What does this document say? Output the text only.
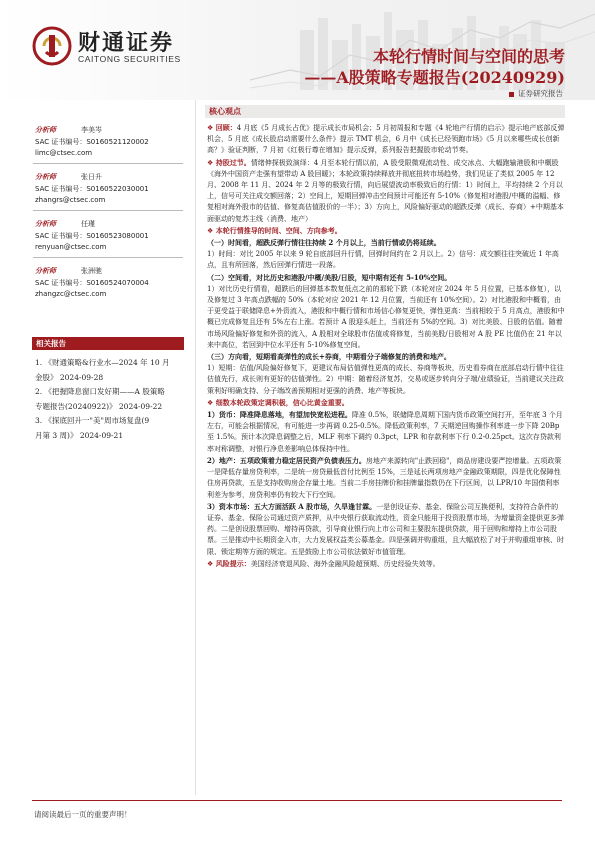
财通证券
CAITONG SECURITIES	本轮行情时间与空间的思考
——A股策略专题报告(20240929)
证券研究报告
分析师	李美岑
SAC 证书编号：S0160521120002
limc@ctsec.com
分析师	张日升
SAC 证书编号：S0160522030001
zhangrs@ctsec.com
分析师	任瑾
SAC 证书编号：S0160523080001
renyuan@ctsec.com
分析师	张洲驰
SAC 证书编号：S0160524070004
zhangzc@ctsec.com
相关报告
1. 《财通策略&行业水—2024 年 10 月
金股》 2024-09-28
2. 《把握降息窗口发好期——A 股策略
专题报告(20240922)》 2024-09-22
3. 《探底回升一"美"周市场复盘(9
月第 3 周)》 2024-09-21
核心观点

❖ 回顾：4 月底《5 月成长占优》提示成长市局机会；5 月初周报和专题《4 轮地产行情的启示》提示地产底部反弹机会，5 月底《成长股启动需要什么条件》提示 TMT 机会，6 月中《成长已经领跑市场》《5 月以来哪些成长创新高？》验证判断，7 月初《红极行尊在增加》提示反弹，系列报告把握股市轮动节奏。

❖ 持股过节。情绪伸探极致演绎：4 月至本轮行情以前，A 股受限微观流动性、成交冰点、大幅跑输港股和中概股《海外中国资产走强有望带动 A 股回暖》；本轮政策持续释放并彻底扭转市场趋势，我们见证了类似 2005 年 12 月、2008 年 11 月、2024 年 2 月等的极致行情，向后展望波动率极致后的行情：1）时间上，平均持续 2 个月以上，信号可关注成交额回落；2）空间上，短期回弹冲击空间预计可能还有 5-10%（修复相对港股/中概的溢幅、修复相对海外股市的估值、修复高估值股价的一半）；3）方向上，风险偏好驱动的超跌反弹（成长、券商）+中期基本面驱动的复苏主线（消费、地产）

❖ 本轮行情推导的时间、空间、方向参考。

（一）时间看，超跌反弹行情往往持续 2 个月以上，当前行情或仍将延续。

1）时间：对比 2005 年以来 9 轮自底部回升行情，回弹时间约在 2 月以上。2）信号：成交额往往突破近 1 年高点，且有所回落，然后回弹行情进一段落。

（二）空间看，对比历史和港股/中概/美股/日股，短中期有还有 5-10%空间。

1）对比历史行情看，超跌后的回弹基本数复低点之前的那轮下跌（本轮对应 2024 年 5 月位置，已基本修复），以及修复过 3 年高点跌幅的 50%（本轮对应 2021 年 12 月位置，当前还有 10%空间）。2）对比港股和中概看，由于更受益于联储降息+外资流入，港股和中概行情和市场信心修复更快，弹性更高：当前相较于 5 月高点，港股和中概已完成修复且还有 5%左右上涨。若预计 A 股迎头赶上，当前还有 5%的空间。3）对比美股、日股的估值。随着市场风险偏好修复和外资的流入，A 股相对全球股市估值或将修复，当前美股/日股相对 A 股 PE 比值仍在 21 年以来中高位，若回到中位水平还有 5-10%修复空间。

（三）方向看，短期看高弹性的成长+券商，中期看分子端修复的消费和地产。

1）短期：估值/风险偏好修复下，更建议布局估值弹性更高的成长、券商等板块，历史看券商在底部启动行情中往往估值先行，成长则有更好的估值弹性。2）中期：随着经济复苏，交易或逐步转向分子端/业绩验证，当前建议关注政策利好明确支持、分子端改善预期相对更强的消费、地产等板块。

❖ 细数本轮政策定调积极，信心比黄金重要。

1）货币：降准降息落地，有望加快宽松进程。降准 0.5%，联储降息周期下国内货币政策空间打开，至年底 3 个月左右，可能会根据情况，有可能进一步再调 0.25-0.5%。降低政策利率，7 天期逆回购操作利率进一步下降 20Bp 至 1.5%。预计本次降息调整之后，MLF 利率下调约 0.3pct，LPR 和存款利率下行 0.2-0.25pct。这次存贷款利率对称调整，对银行净息差影响总体保持中性。

2）地产：五项政策着力稳定居民资产负债表压力。房地产来源转向"止跌回稳"，商品房建设要严控增量。五项政策一是降低存量房贷利率，二是统一房贷最低首付比例至 15%，三是延长两项房地产金融政策期限，四是优化保障性住房再贷款，五是支持收购房企存量土地。当前二手房挂牌价和挂牌量指数仍在下行区间，以 LPR/10 年国债利率利差为参考，房贷利率仍有较大下行空间。

3）资本市场：五大方面活跃 A 股市场，久旱逢甘霖。一是创设证券、基金、保险公司互换便利，支持符合条件的证券、基金、保险公司通过资产质押，从中央银行获取流动性，资金只能用于投资股票市场，为增量资金提供更多弹药。二是创设股票回购、增持再贷款，引导商业银行向上市公司和主要股东提供贷款，用于回购和增持上市公司股票。三是推动中长期资金入市，大力发展权益类公募基金。四是强调并购重组，且大幅放松了对于并购重组审核、时限、锁定期等方面的规定。五是鼓励上市公司依法做好市值管理。

❖ 风险提示：美国经济衰退风险、海外金融风险超预期、历史经验失效等。

请阅读最后一页的重要声明！
